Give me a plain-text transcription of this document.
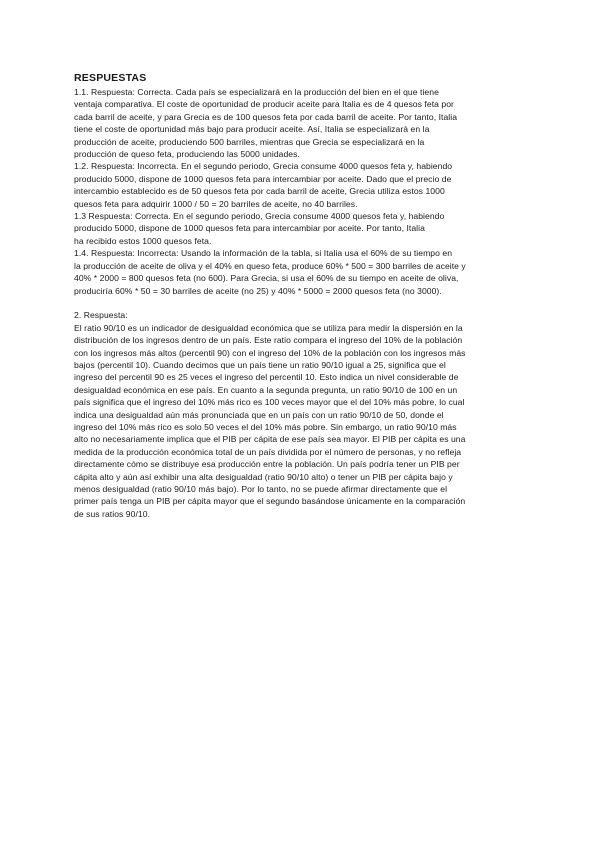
RESPUESTAS

1.1. Respuesta: Correcta. Cada país se especializará en la producción del bien en el que tiene
ventaja comparativa. El coste de oportunidad de producir aceite para Italia es de 4 quesos feta por
cada barril de aceite, y para Grecia es de 100 quesos feta por cada barril de aceite. Por tanto, Italia
tiene el coste de oportunidad más bajo para producir aceite. Así, Italia se especializará en la
producción de aceite, produciendo 500 barriles, mientras que Grecia se especializará en la
producción de queso feta, produciendo las 5000 unidades.

1.2. Respuesta: Incorrecta. En el segundo periodo, Grecia consume 4000 quesos feta y, habiendo
producido 5000, dispone de 1000 quesos feta para intercambiar por aceite. Dado que el precio de
intercambio establecido es de 50 quesos feta por cada barril de aceite, Grecia utiliza estos 1000
quesos feta para adquirir 1000 / 50 = 20 barriles de aceite, no 40 barriles.

1.3 Respuesta: Correcta. En el segundo periodo, Grecia consume 4000 quesos feta y, habiendo
producido 5000, dispone de 1000 quesos feta para intercambiar por aceite. Por tanto, Italia
ha recibido estos 1000 quesos feta.

1.4. Respuesta: Incorrecta: Usando la información de la tabla, si Italia usa el 60% de su tiempo en
la producción de aceite de oliva y el 40% en queso feta, produce 60% * 500 = 300 barriles de aceite y
40% * 2000 = 800 quesos feta (no 600). Para Grecia, si usa el 60% de su tiempo en aceite de oliva,
produciría 60% * 50 = 30 barriles de aceite (no 25) y 40% * 5000 = 2000 quesos feta (no 3000).

2. Respuesta:

El ratio 90/10 es un indicador de desigualdad económica que se utiliza para medir la dispersión en la
distribución de los ingresos dentro de un país. Este ratio compara el ingreso del 10% de la población
con los ingresos más altos (percentil 90) con el ingreso del 10% de la población con los ingresos más
bajos (percentil 10). Cuando decimos que un país tiene un ratio 90/10 igual a 25, significa que el
ingreso del percentil 90 es 25 veces el ingreso del percentil 10. Esto indica un nivel considerable de
desigualdad económica en ese país. En cuanto a la segunda pregunta, un ratio 90/10 de 100 en un
país significa que el ingreso del 10% más rico es 100 veces mayor que el del 10% más pobre, lo cual
indica una desigualdad aún más pronunciada que en un país con un ratio 90/10 de 50, donde el
ingreso del 10% más rico es solo 50 veces el del 10% más pobre. Sin embargo, un ratio 90/10 más
alto no necesariamente implica que el PIB per cápita de ese país sea mayor. El PIB per cápita es una
medida de la producción económica total de un país dividida por el número de personas, y no refleja
directamente cómo se distribuye esa producción entre la población. Un país podría tener un PIB per
cápita alto y aún así exhibir una alta desigualdad (ratio 90/10 alto) o tener un PIB per cápita bajo y
menos desigualdad (ratio 90/10 más bajo). Por lo tanto, no se puede afirmar directamente que el
primer país tenga un PIB per cápita mayor que el segundo basándose únicamente en la comparación
de sus ratios 90/10.
